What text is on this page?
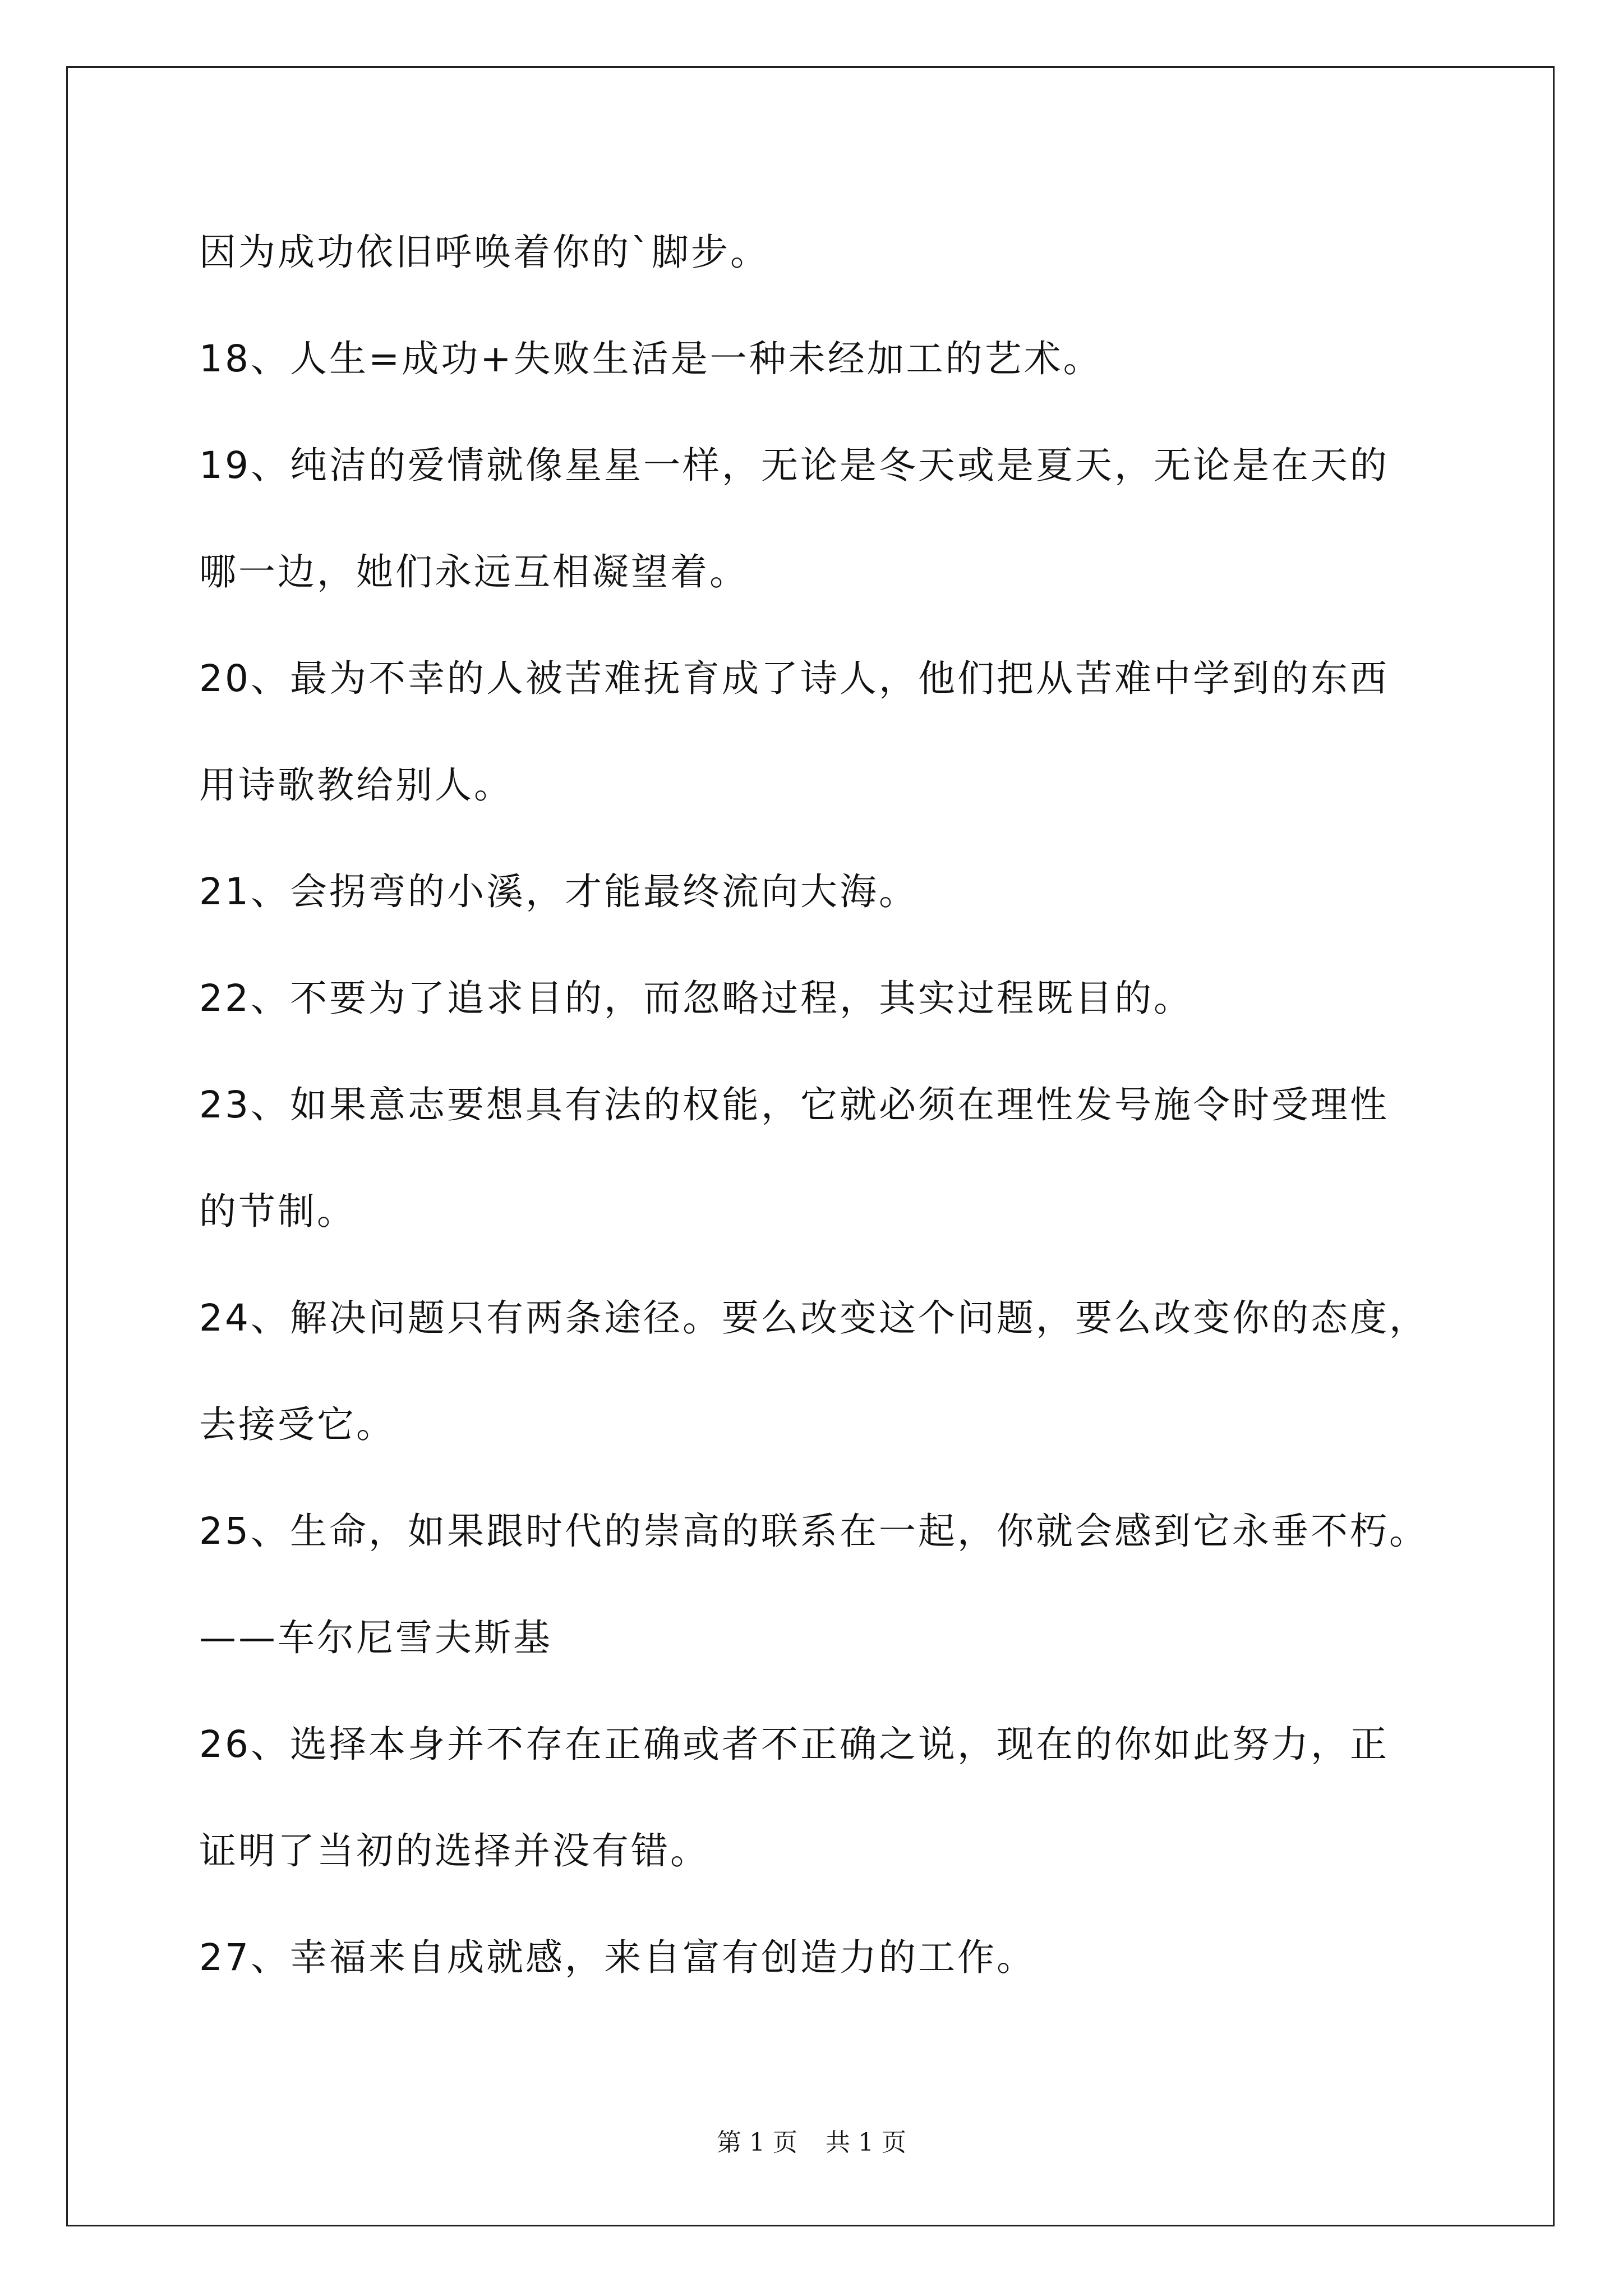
因为成功依旧呼唤着你的`脚步。
18、人生=成功+失败生活是一种未经加工的艺术。
19、纯洁的爱情就像星星一样，无论是冬天或是夏天，无论是在天的
哪一边，她们永远互相凝望着。
20、最为不幸的人被苦难抚育成了诗人，他们把从苦难中学到的东西
用诗歌教给别人。
21、会拐弯的小溪，才能最终流向大海。
22、不要为了追求目的，而忽略过程，其实过程既目的。
23、如果意志要想具有法的权能，它就必须在理性发号施令时受理性
的节制。
24、解决问题只有两条途径。要么改变这个问题，要么改变你的态度，
去接受它。
25、生命，如果跟时代的崇高的联系在一起，你就会感到它永垂不朽。
——车尔尼雪夫斯基
26、选择本身并不存在正确或者不正确之说，现在的你如此努力，正
证明了当初的选择并没有错。
27、幸福来自成就感，来自富有创造力的工作。
第 1 页 共 1 页
